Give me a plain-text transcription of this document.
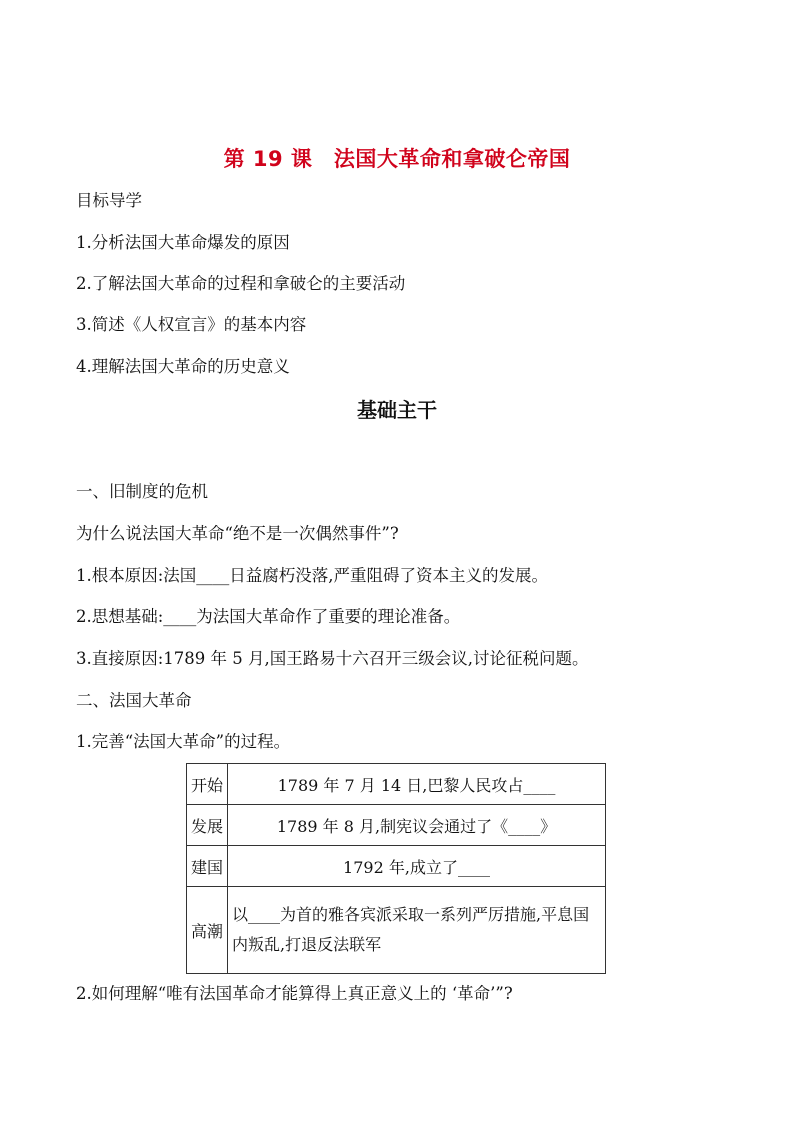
第 19 课　法国大革命和拿破仑帝国
目标导学
1.分析法国大革命爆发的原因
2.了解法国大革命的过程和拿破仑的主要活动
3.简述《人权宣言》的基本内容
4.理解法国大革命的历史意义
基础主干
一、旧制度的危机
为什么说法国大革命“绝不是一次偶然事件”?
1.根本原因:法国____日益腐朽没落,严重阻碍了资本主义的发展。
2.思想基础:____为法国大革命作了重要的理论准备。
3.直接原因:1789 年 5 月,国王路易十六召开三级会议,讨论征税问题。
二、法国大革命
1.完善“法国大革命”的过程。
开始	1789 年 7 月 14 日,巴黎人民攻占____
发展	1789 年 8 月,制宪议会通过了《____》
建国	1792 年,成立了____
高潮	以____为首的雅各宾派采取一系列严厉措施,平息国内叛乱,打退反法联军
2.如何理解“唯有法国革命才能算得上真正意义上的 ‘革命’”?
